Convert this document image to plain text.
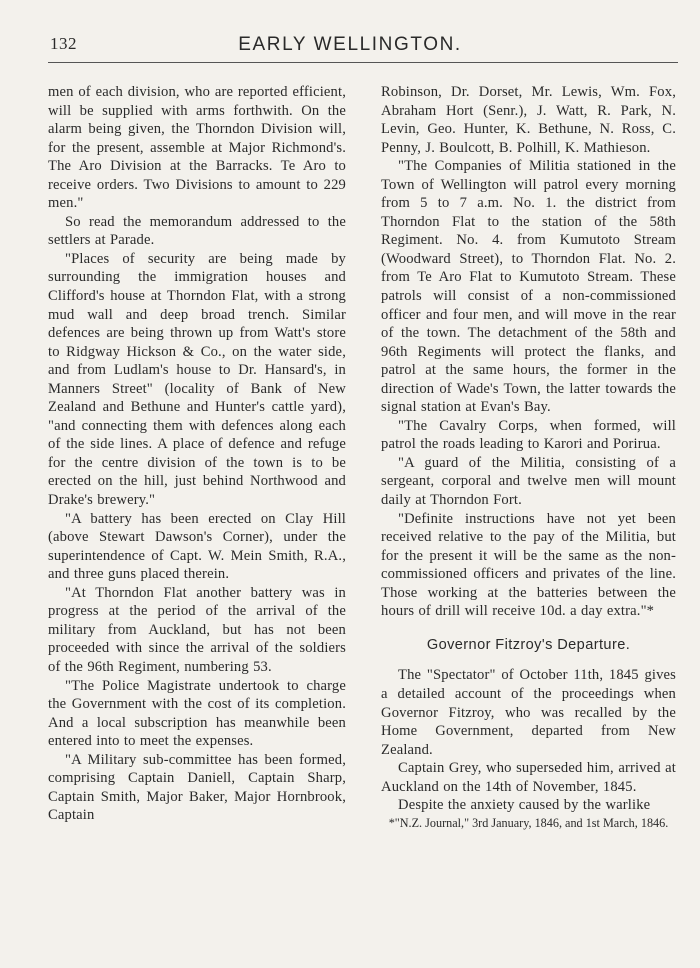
132	EARLY WELLINGTON.

men of each division, who are reported efficient, will be supplied with arms forthwith. On the alarm being given, the Thorndon Division will, for the present, assemble at Major Richmond's. The Aro Division at the Barracks. Te Aro to receive orders. Two Divisions to amount to 229 men."

So read the memorandum addressed to the settlers at Parade.

"Places of security are being made by surrounding the immigration houses and Clifford's house at Thorndon Flat, with a strong mud wall and deep broad trench. Similar defences are being thrown up from Watt's store to Ridgway Hickson & Co., on the water side, and from Ludlam's house to Dr. Hansard's, in Manners Street" (locality of Bank of New Zealand and Bethune and Hunter's cattle yard), "and connecting them with defences along each of the side lines. A place of defence and refuge for the centre division of the town is to be erected on the hill, just behind Northwood and Drake's brewery."

"A battery has been erected on Clay Hill (above Stewart Dawson's Corner), under the superintendence of Capt. W. Mein Smith, R.A., and three guns placed therein.

"At Thorndon Flat another battery was in progress at the period of the arrival of the military from Auckland, but has not been proceeded with since the arrival of the soldiers of the 96th Regiment, numbering 53.

"The Police Magistrate undertook to charge the Government with the cost of its completion. And a local subscription has meanwhile been entered into to meet the expenses.

"A Military sub-committee has been formed, comprising Captain Daniell, Captain Sharp, Captain Smith, Major Baker, Major Hornbrook, Captain

Robinson, Dr. Dorset, Mr. Lewis, Wm. Fox, Abraham Hort (Senr.), J. Watt, R. Park, N. Levin, Geo. Hunter, K. Bethune, N. Ross, C. Penny, J. Boulcott, B. Polhill, K. Mathieson.

"The Companies of Militia stationed in the Town of Wellington will patrol every morning from 5 to 7 a.m. No. 1. the district from Thorndon Flat to the station of the 58th Regiment. No. 4. from Kumutoto Stream (Woodward Street), to Thorndon Flat. No. 2. from Te Aro Flat to Kumutoto Stream. These patrols will consist of a non-commissioned officer and four men, and will move in the rear of the town. The detachment of the 58th and 96th Regiments will protect the flanks, and patrol at the same hours, the former in the direction of Wade's Town, the latter towards the signal station at Evan's Bay.

"The Cavalry Corps, when formed, will patrol the roads leading to Karori and Porirua.

"A guard of the Militia, consisting of a sergeant, corporal and twelve men will mount daily at Thorndon Fort.

"Definite instructions have not yet been received relative to the pay of the Militia, but for the present it will be the same as the non-commissioned officers and privates of the line. Those working at the batteries between the hours of drill will receive 10d. a day extra."*

Governor Fitzroy's Departure.

The "Spectator" of October 11th, 1845 gives a detailed account of the proceedings when Governor Fitzroy, who was recalled by the Home Government, departed from New Zealand.

Captain Grey, who superseded him, arrived at Auckland on the 14th of November, 1845.

Despite the anxiety caused by the warlike

*"N.Z. Journal," 3rd January, 1846, and 1st March, 1846.
